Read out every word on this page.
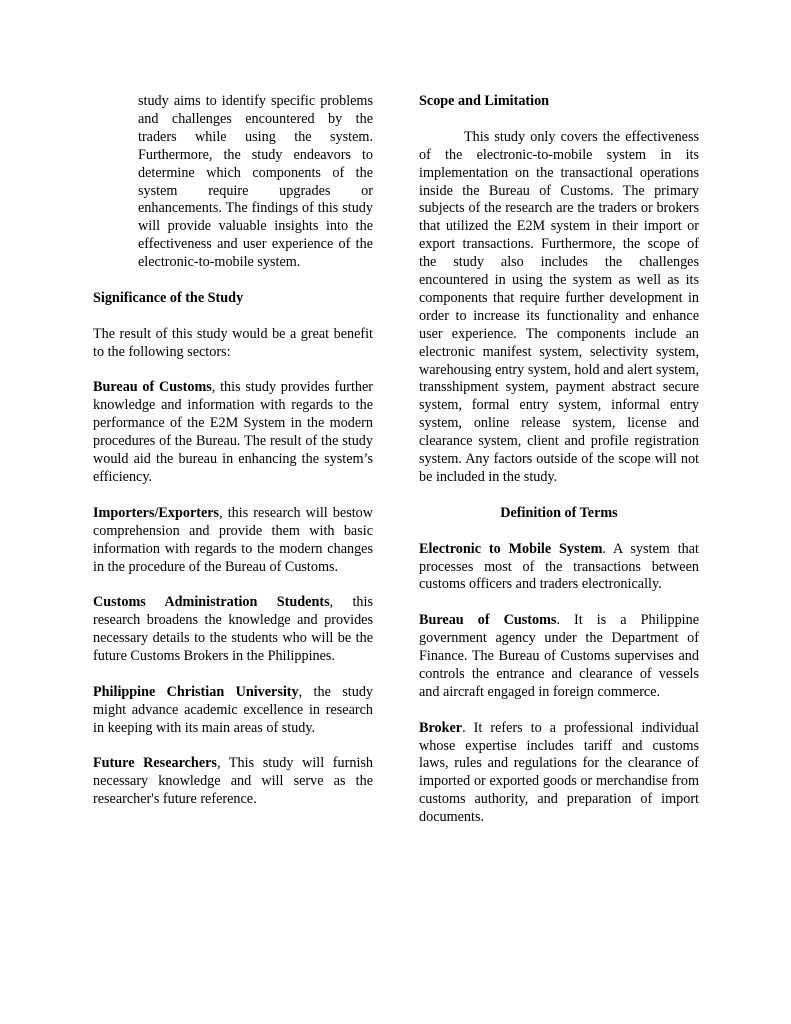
study aims to identify specific problems and challenges encountered by the traders while using the system. Furthermore, the study endeavors to determine which components of the system require upgrades or enhancements. The findings of this study will provide valuable insights into the effectiveness and user experience of the electronic-to-mobile system.

Significance of the Study

The result of this study would be a great benefit to the following sectors:

Bureau of Customs, this study provides further knowledge and information with regards to the performance of the E2M System in the modern procedures of the Bureau. The result of the study would aid the bureau in enhancing the system’s efficiency.

Importers/Exporters, this research will bestow comprehension and provide them with basic information with regards to the modern changes in the procedure of the Bureau of Customs.

Customs Administration Students, this research broadens the knowledge and provides necessary details to the students who will be the future Customs Brokers in the Philippines.

Philippine Christian University, the study might advance academic excellence in research in keeping with its main areas of study.

Future Researchers, This study will furnish necessary knowledge and will serve as the researcher's future reference.

Scope and Limitation

This study only covers the effectiveness of the electronic-to-mobile system in its implementation on the transactional operations inside the Bureau of Customs. The primary subjects of the research are the traders or brokers that utilized the E2M system in their import or export transactions. Furthermore, the scope of the study also includes the challenges encountered in using the system as well as its components that require further development in order to increase its functionality and enhance user experience. The components include an electronic manifest system, selectivity system, warehousing entry system, hold and alert system, transshipment system, payment abstract secure system, formal entry system, informal entry system, online release system, license and clearance system, client and profile registration system. Any factors outside of the scope will not be included in the study.

Definition of Terms

Electronic to Mobile System. A system that processes most of the transactions between customs officers and traders electronically.

Bureau of Customs. It is a Philippine government agency under the Department of Finance. The Bureau of Customs supervises and controls the entrance and clearance of vessels and aircraft engaged in foreign commerce.

Broker. It refers to a professional individual whose expertise includes tariff and customs laws, rules and regulations for the clearance of imported or exported goods or merchandise from customs authority, and preparation of import documents.
